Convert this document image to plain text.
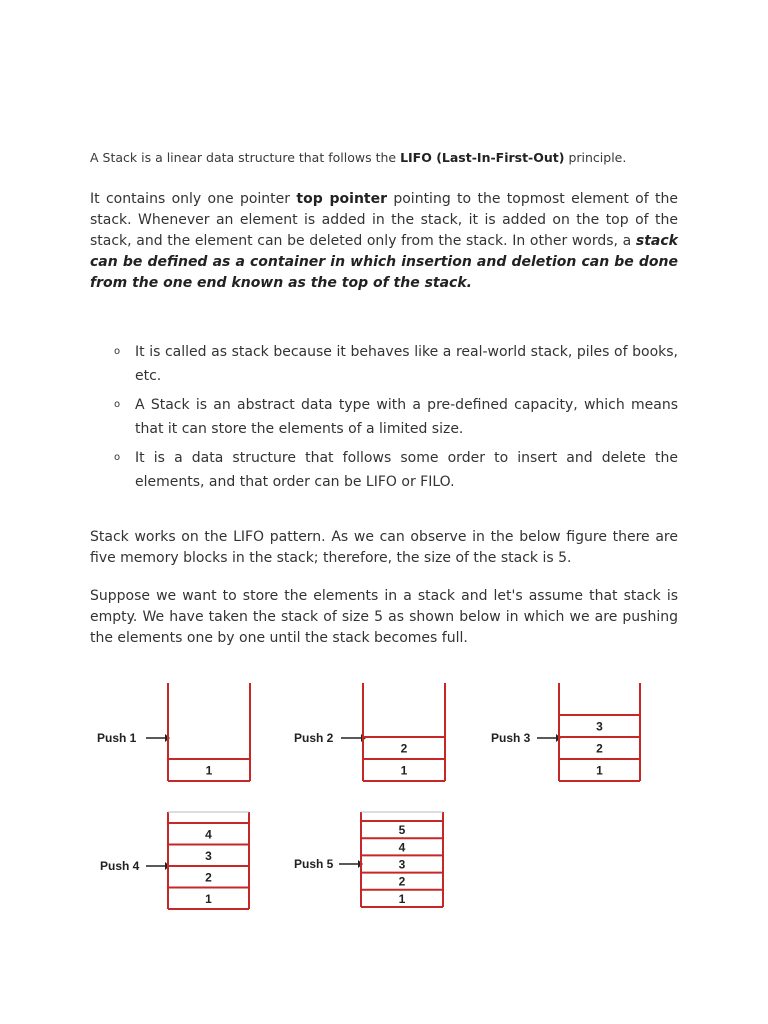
A Stack is a linear data structure that follows the LIFO (Last-In-First-Out) principle.

It contains only one pointer top pointer pointing to the topmost element of the stack. Whenever an element is added in the stack, it is added on the top of the stack, and the element can be deleted only from the stack. In other words, a stack can be defined as a container in which insertion and deletion can be done from the one end known as the top of the stack.

o It is called as stack because it behaves like a real-world stack, piles of books, etc.
o A Stack is an abstract data type with a pre-defined capacity, which means that it can store the elements of a limited size.
o It is a data structure that follows some order to insert and delete the elements, and that order can be LIFO or FILO.

Stack works on the LIFO pattern. As we can observe in the below figure there are five memory blocks in the stack; therefore, the size of the stack is 5.

Suppose we want to store the elements in a stack and let's assume that stack is empty. We have taken the stack of size 5 as shown below in which we are pushing the elements one by one until the stack becomes full.

Push 1
1
Push 2
1
2
Push 3
1
2
3
Push 4
1
2
3
4
Push 5
1
2
3
4
5
